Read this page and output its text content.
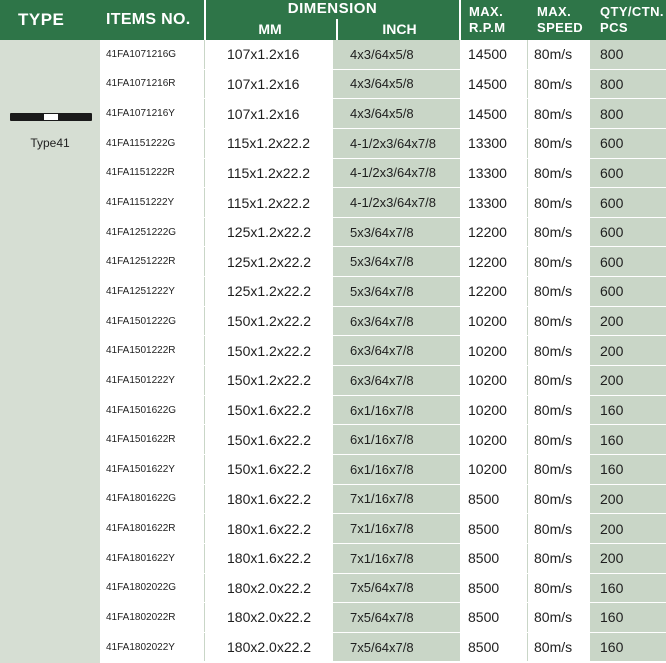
TYPE	ITEMS NO.
DIMENSION
MM	INCH
MAX.
R.P.M
MAX.
SPEED
QTY/CTN.
PCS
Type41
41FA1071216G	107x1.2x16	4x3/64x5/8	14500	80m/s	800
41FA1071216R	107x1.2x16	4x3/64x5/8	14500	80m/s	800
41FA1071216Y	107x1.2x16	4x3/64x5/8	14500	80m/s	800
41FA1151222G	115x1.2x22.2	4-1/2x3/64x7/8	13300	80m/s	600
41FA1151222R	115x1.2x22.2	4-1/2x3/64x7/8	13300	80m/s	600
41FA1151222Y	115x1.2x22.2	4-1/2x3/64x7/8	13300	80m/s	600
41FA1251222G	125x1.2x22.2	5x3/64x7/8	12200	80m/s	600
41FA1251222R	125x1.2x22.2	5x3/64x7/8	12200	80m/s	600
41FA1251222Y	125x1.2x22.2	5x3/64x7/8	12200	80m/s	600
41FA1501222G	150x1.2x22.2	6x3/64x7/8	10200	80m/s	200
41FA1501222R	150x1.2x22.2	6x3/64x7/8	10200	80m/s	200
41FA1501222Y	150x1.2x22.2	6x3/64x7/8	10200	80m/s	200
41FA1501622G	150x1.6x22.2	6x1/16x7/8	10200	80m/s	160
41FA1501622R	150x1.6x22.2	6x1/16x7/8	10200	80m/s	160
41FA1501622Y	150x1.6x22.2	6x1/16x7/8	10200	80m/s	160
41FA1801622G	180x1.6x22.2	7x1/16x7/8	8500	80m/s	200
41FA1801622R	180x1.6x22.2	7x1/16x7/8	8500	80m/s	200
41FA1801622Y	180x1.6x22.2	7x1/16x7/8	8500	80m/s	200
41FA1802022G	180x2.0x22.2	7x5/64x7/8	8500	80m/s	160
41FA1802022R	180x2.0x22.2	7x5/64x7/8	8500	80m/s	160
41FA1802022Y	180x2.0x22.2	7x5/64x7/8	8500	80m/s	160
